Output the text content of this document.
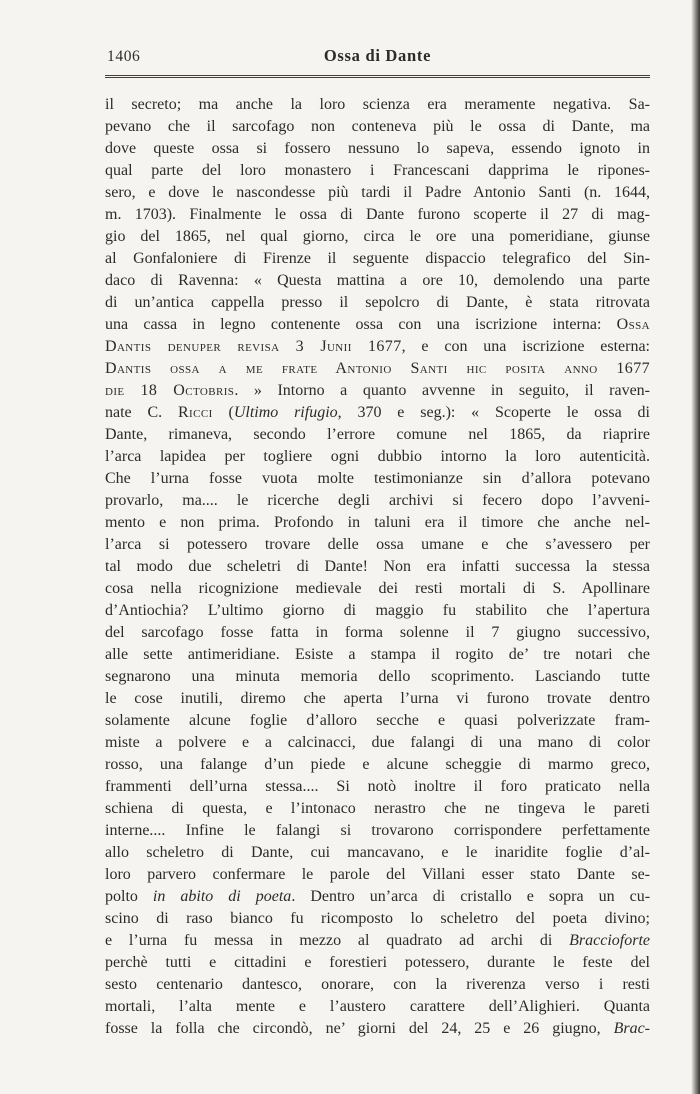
1406	Ossa di Dante
il secreto; ma anche la loro scienza era meramente negativa. Sa-
pevano che il sarcofago non conteneva più le ossa di Dante, ma
dove queste ossa si fossero nessuno lo sapeva, essendo ignoto in
qual parte del loro monastero i Francescani dapprima le ripones-
sero, e dove le nascondesse più tardi il Padre Antonio Santi (n. 1644,
m. 1703). Finalmente le ossa di Dante furono scoperte il 27 di mag-
gio del 1865, nel qual giorno, circa le ore una pomeridiane, giunse
al Gonfaloniere di Firenze il seguente dispaccio telegrafico del Sin-
daco di Ravenna: « Questa mattina a ore 10, demolendo una parte
di un’antica cappella presso il sepolcro di Dante, è stata ritrovata
una cassa in legno contenente ossa con una iscrizione interna: Ossa
Dantis denuper revisa 3 Junii 1677, e con una iscrizione esterna:
Dantis ossa a me frate Antonio Santi hic posita anno 1677
die 18 Octobris. » Intorno a quanto avvenne in seguito, il raven-
nate C. Ricci (Ultimo rifugio, 370 e seg.): « Scoperte le ossa di
Dante, rimaneva, secondo l’errore comune nel 1865, da riaprire
l’arca lapidea per togliere ogni dubbio intorno la loro autenticità.
Che l’urna fosse vuota molte testimonianze sin d’allora potevano
provarlo, ma.... le ricerche degli archivi si fecero dopo l’avveni-
mento e non prima. Profondo in taluni era il timore che anche nel-
l’arca si potessero trovare delle ossa umane e che s’avessero per
tal modo due scheletri di Dante! Non era infatti successa la stessa
cosa nella ricognizione medievale dei resti mortali di S. Apollinare
d’Antiochia? L’ultimo giorno di maggio fu stabilito che l’apertura
del sarcofago fosse fatta in forma solenne il 7 giugno successivo,
alle sette antimeridiane. Esiste a stampa il rogito de’ tre notari che
segnarono una minuta memoria dello scoprimento. Lasciando tutte
le cose inutili, diremo che aperta l’urna vi furono trovate dentro
solamente alcune foglie d’alloro secche e quasi polverizzate fram-
miste a polvere e a calcinacci, due falangi di una mano di color
rosso, una falange d’un piede e alcune scheggie di marmo greco,
frammenti dell’urna stessa.... Si notò inoltre il foro praticato nella
schiena di questa, e l’intonaco nerastro che ne tingeva le pareti
interne.... Infine le falangi si trovarono corrispondere perfettamente
allo scheletro di Dante, cui mancavano, e le inaridite foglie d’al-
loro parvero confermare le parole del Villani esser stato Dante se-
polto in abito di poeta. Dentro un’arca di cristallo e sopra un cu-
scino di raso bianco fu ricomposto lo scheletro del poeta divino;
e l’urna fu messa in mezzo al quadrato ad archi di Braccioforte
perchè tutti e cittadini e forestieri potessero, durante le feste del
sesto centenario dantesco, onorare, con la riverenza verso i resti
mortali, l’alta mente e l’austero carattere dell’Alighieri. Quanta
fosse la folla che circondò, ne’ giorni del 24, 25 e 26 giugno, Brac-
